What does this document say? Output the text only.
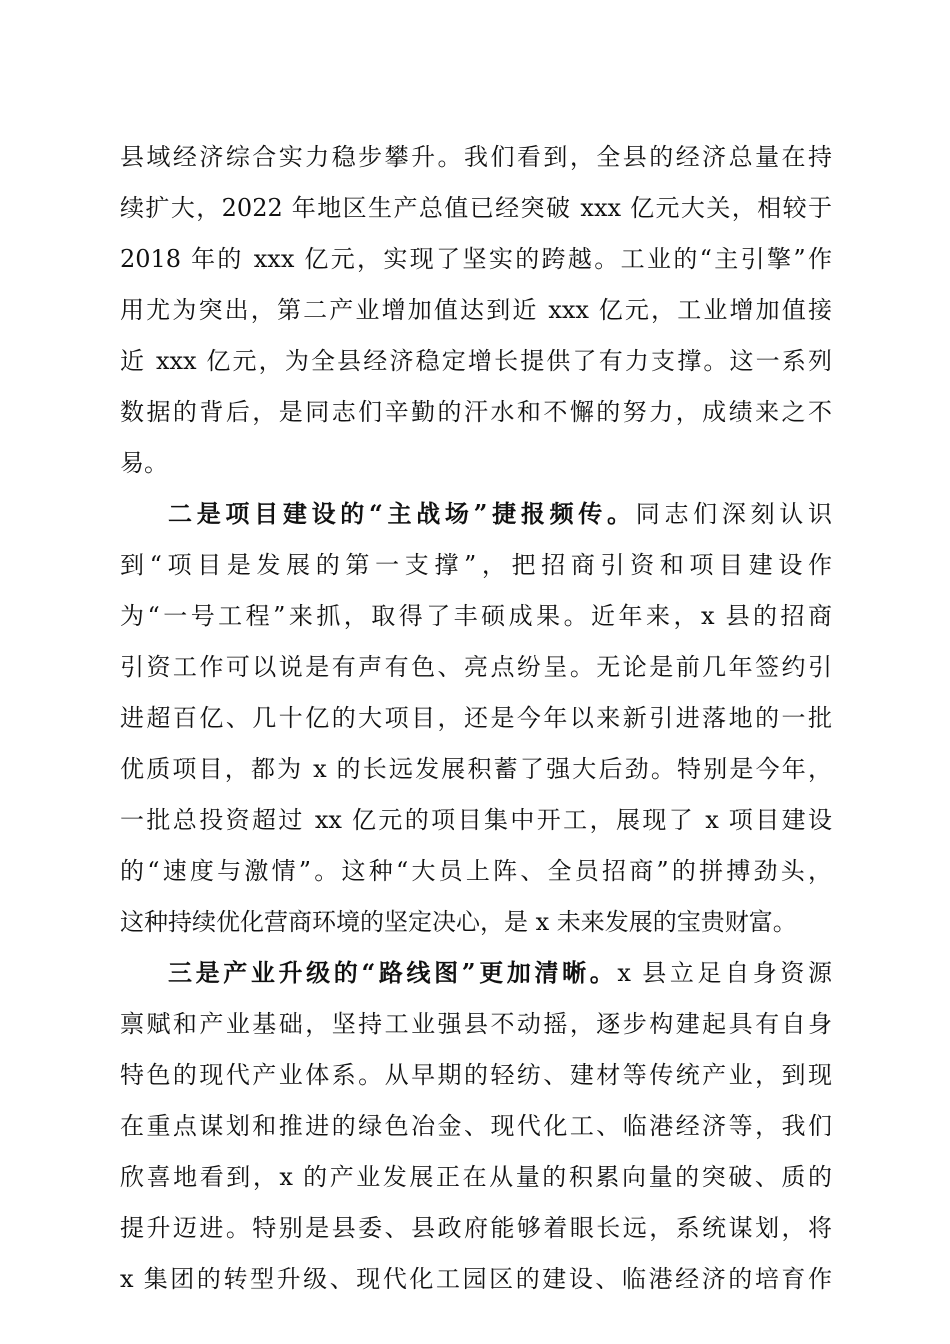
县域经济综合实力稳步攀升。我们看到，全县的经济总量在持
续扩大，2022 年地区生产总值已经突破 xxx 亿元大关，相较于
2018 年的 xxx 亿元，实现了坚实的跨越。工业的“主引擎”作
用尤为突出，第二产业增加值达到近 xxx 亿元，工业增加值接
近 xxx 亿元，为全县经济稳定增长提供了有力支撑。这一系列
数据的背后，是同志们辛勤的汗水和不懈的努力，成绩来之不
易。
二是项目建设的“主战场”捷报频传。同志们深刻认识
到“项目是发展的第一支撑”，把招商引资和项目建设作
为“一号工程”来抓，取得了丰硕成果。近年来，x 县的招商
引资工作可以说是有声有色、亮点纷呈。无论是前几年签约引
进超百亿、几十亿的大项目，还是今年以来新引进落地的一批
优质项目，都为 x 的长远发展积蓄了强大后劲。特别是今年，
一批总投资超过 xx 亿元的项目集中开工，展现了 x 项目建设
的“速度与激情”。这种“大员上阵、全员招商”的拼搏劲头，
这种持续优化营商环境的坚定决心，是 x 未来发展的宝贵财富。
三是产业升级的“路线图”更加清晰。x 县立足自身资源
禀赋和产业基础，坚持工业强县不动摇，逐步构建起具有自身
特色的现代产业体系。从早期的轻纺、建材等传统产业，到现
在重点谋划和推进的绿色冶金、现代化工、临港经济等，我们
欣喜地看到，x 的产业发展正在从量的积累向量的突破、质的
提升迈进。特别是县委、县政府能够着眼长远，系统谋划，将
x 集团的转型升级、现代化工园区的建设、临港经济的培育作
